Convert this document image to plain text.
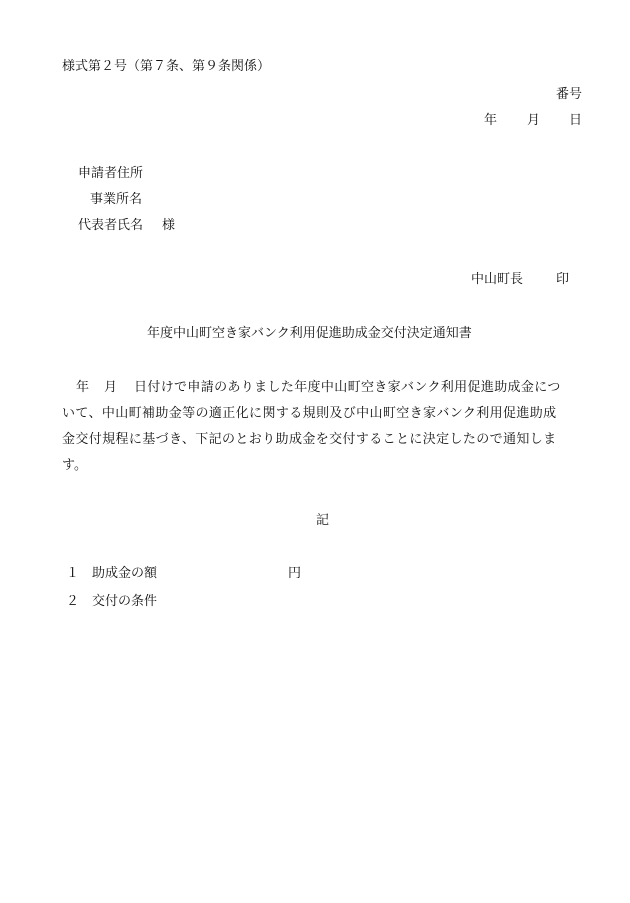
様式第２号（第７条、第９条関係）
番号
年 月 日
申請者住所
事業所名
代表者氏名 様
中山町長	印
年度中山町空き家バンク利用促進助成金交付決定通知書
年 月 日付けで申請のありました年度中山町空き家バンク利用促進助成金につ
いて、中山町補助金等の適正化に関する規則及び中山町空き家バンク利用促進助成
金交付規程に基づき、下記のとおり助成金を交付することに決定したので通知しま
す。
記
１ 助成金の額	円
２ 交付の条件
